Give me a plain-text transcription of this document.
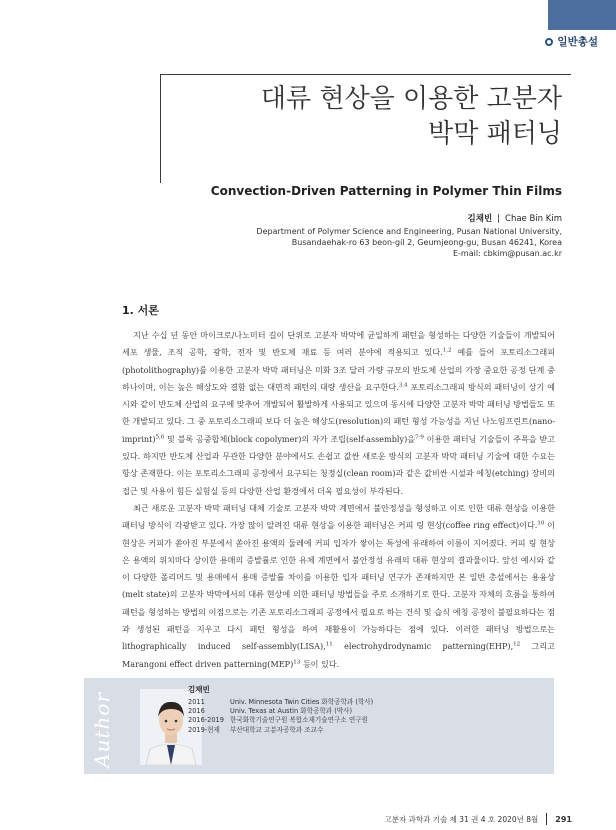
일반총설
대류 현상을 이용한 고분자
박막 패터닝
Convection-Driven Patterning in Polymer Thin Films
김채빈 | Chae Bin Kim
Department of Polymer Science and Engineering, Pusan National University,
Busandaehak-ro 63 beon-gil 2, Geumjeong-gu, Busan 46241, Korea
E-mail: cbkim@pusan.ac.kr
1. 서론

지난 수십 년 동안 마이크로/나노미터 길이 단위로 고분자 박막에 균일하게 패턴을 형성하는 다양한 기술들이 개발되어 세포 생물, 조직 공학, 광학, 전자 및 반도체 재료 등 여러 분야에 적용되고 있다.$^{1,2}$ 예를 들어 포토리소그래피(photolithography)를 이용한 고분자 박막 패터닝은 미화 3조 달러 가량 규모의 반도체 산업의 가장 중요한 공정 단계 중 하나이며, 이는 높은 해상도와 결함 없는 대면적 패턴의 대량 생산을 요구한다.$^{3,4}$ 포토리소그래피 방식의 패터닝이 상기 예시와 같이 반도체 산업의 요구에 맞추어 개발되어 활발하게 사용되고 있으며 동시에 다양한 고분자 박막 패터닝 방법들도 또한 개발되고 있다. 그 중 포토리소그래피 보다 더 높은 해상도(resolution)의 패턴 형성 가능성을 지닌 나노임프린트(nano-imprint)$^{5,6}$ 및 블록 공중합체(block copolymer)의 자가 조립(self-assembly)을$^{7-9}$ 이용한 패터닝 기술들이 주목을 받고 있다. 하지만 반도체 산업과 무관한 다양한 분야에서도 손쉽고 값싼 새로운 방식의 고분자 박막 패터닝 기술에 대한 수요는 항상 존재한다. 이는 포토리소그래피 공정에서 요구되는 청정실(clean room)과 같은 값비싼 시설과 에칭(etching) 장비의 접근 및 사용이 힘든 실험실 등의 다양한 산업 환경에서 더욱 필요성이 부각된다.

최근 새로운 고분자 박막 패터닝 대체 기술로 고분자 박막 계면에서 불안정성을 형성하고 이로 인한 대류 현상을 이용한 패터닝 방식이 각광받고 있다. 가장 많이 알려진 대류 현상을 이용한 패터닝은 커피 링 현상(coffee ring effect)이다.$^{10}$ 이 현상은 커피가 쏟아진 부분에서 쏟아진 용액의 둘레에 커피 입자가 쌓이는 특성에 유래하여 이름이 지어졌다. 커피 링 현상은 용액의 위치마다 상이한 용매의 증발률로 인한 유체 계면에서 불안정성 유래의 대류 현상의 결과물이다. 앞선 예시와 같이 다양한 폴리머드 및 용매에서 용매 증발률 차이를 이용한 입자 패터닝 연구가 존재하지만 본 일반 총설에서는 용융상(melt state)의 고분자 박막에서의 대류 현상에 의한 패터닝 방법들을 주로 소개하기로 한다. 고분자 자체의 흐름을 통하여 패턴을 형성하는 방법의 이점으로는 기존 포토리소그래피 공정에서 필요로 하는 건식 및 습식 에칭 공정이 불필요하다는 점과 생성된 패턴을 지우고 다시 패턴 형성을 하여 재활용이 가능하다는 점에 있다. 이러한 패터닝 방법으로는 lithographically induced self-assembly(LISA),$^{11}$ electrohydrodynamic patterning(EHP),$^{12}$ 그리고 Marangoni effect driven patterning(MEP)$^{13}$ 등이 있다.

Author
김채빈
2011	Univ. Minnesota Twin Cities 화학공학과 (학사)
2016	Univ. Texas at Austin 화학공학과 (박사)
2016-2019 한국화학기술연구원 복합소재기술연구소 연구원
2019-현재	부산대학교 고분자공학과 조교수
고분자 과학과 기술 제 31 권 4 호 2020년 8월 291
